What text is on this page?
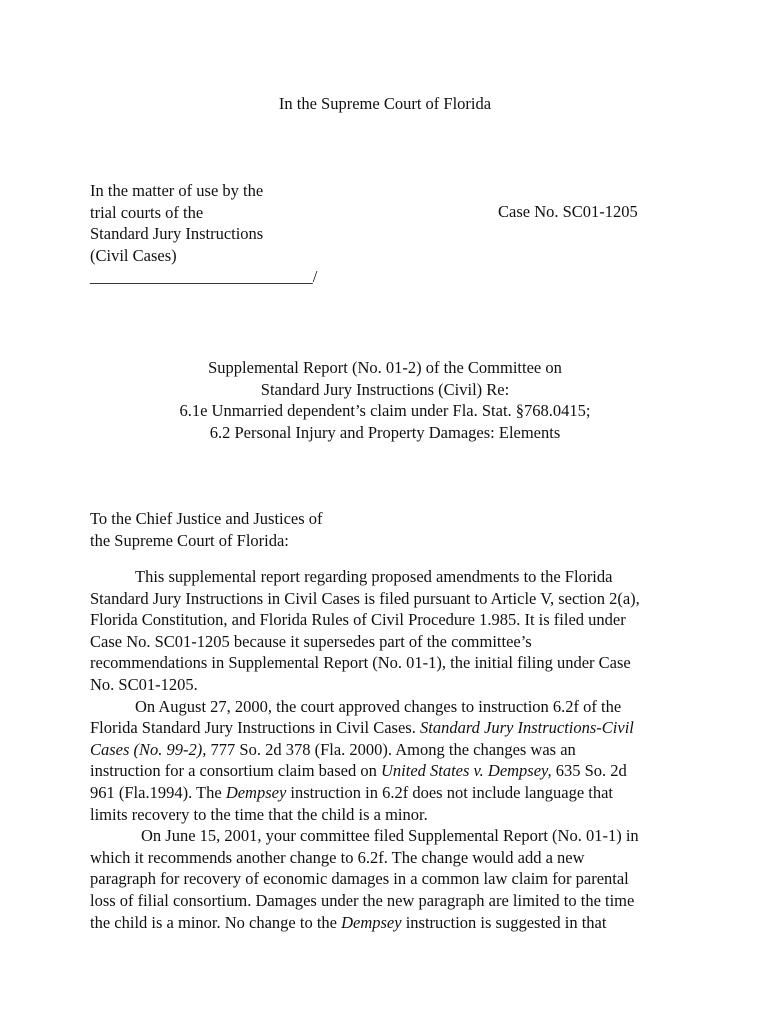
In the Supreme Court of Florida
In the matter of use by the
trial courts of the
Standard Jury Instructions
(Civil Cases)
___________________________/
Case No. SC01-1205
Supplemental Report (No. 01-2) of the Committee on
Standard Jury Instructions (Civil) Re:
6.1e Unmarried dependent’s claim under Fla. Stat. §768.0415;
6.2 Personal Injury and Property Damages: Elements
To the Chief Justice and Justices of
the Supreme Court of Florida:
This supplemental report regarding proposed amendments to the Florida
Standard Jury Instructions in Civil Cases is filed pursuant to Article V, section 2(a),
Florida Constitution, and Florida Rules of Civil Procedure 1.985. It is filed under
Case No. SC01-1205 because it supersedes part of the committee’s
recommendations in Supplemental Report (No. 01-1), the initial filing under Case
No. SC01-1205.
On August 27, 2000, the court approved changes to instruction 6.2f of the
Florida Standard Jury Instructions in Civil Cases. Standard Jury Instructions-Civil
Cases (No. 99-2), 777 So. 2d 378 (Fla. 2000). Among the changes was an
instruction for a consortium claim based on United States v. Dempsey, 635 So. 2d
961 (Fla.1994). The Dempsey instruction in 6.2f does not include language that
limits recovery to the time that the child is a minor.
On June 15, 2001, your committee filed Supplemental Report (No. 01-1) in
which it recommends another change to 6.2f. The change would add a new
paragraph for recovery of economic damages in a common law claim for parental
loss of filial consortium. Damages under the new paragraph are limited to the time
the child is a minor. No change to the Dempsey instruction is suggested in that
